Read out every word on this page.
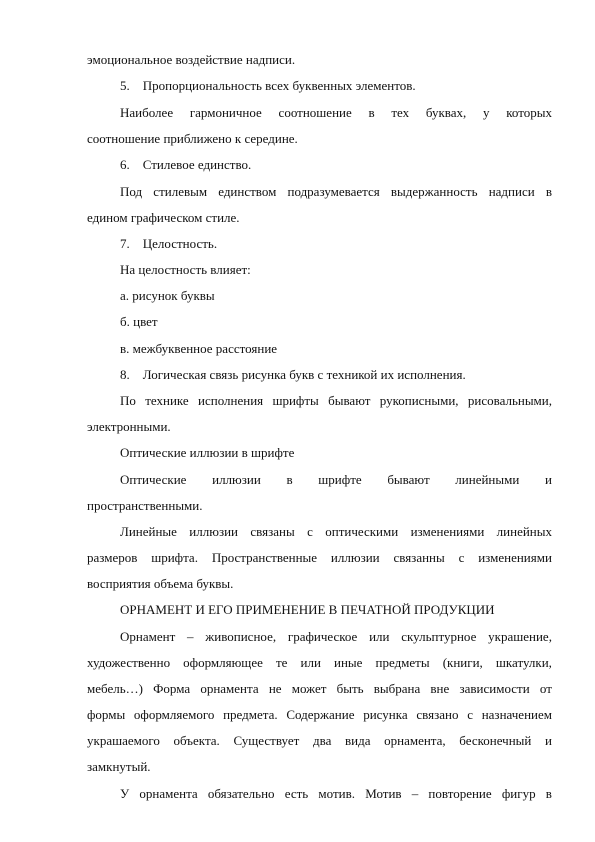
эмоциональное воздействие надписи.
5.  Пропорциональность всех буквенных элементов.
Наиболее гармоничное соотношение в тех буквах, у которых
соотношение приближено к середине.
6.  Стилевое единство.
Под стилевым единством подразумевается выдержанность надписи в
едином графическом стиле.
7.  Целостность.
На целостность влияет:
а. рисунок буквы
б. цвет
в. межбуквенное расстояние
8.  Логическая связь рисунка букв с техникой их исполнения.
По технике исполнения шрифты бывают рукописными, рисовальными,
электронными.
Оптические иллюзии в шрифте
Оптические иллюзии в шрифте бывают линейными и
пространственными.
Линейные иллюзии связаны с оптическими изменениями линейных
размеров шрифта. Пространственные иллюзии связанны с изменениями
восприятия объема буквы.
ОРНАМЕНТ И ЕГО ПРИМЕНЕНИЕ В ПЕЧАТНОЙ ПРОДУКЦИИ
Орнамент – живописное, графическое или скульптурное украшение,
художественно оформляющее те или иные предметы (книги, шкатулки,
мебель…) Форма орнамента не может быть выбрана вне зависимости от
формы оформляемого предмета. Содержание рисунка связано с назначением
украшаемого объекта. Существует два вида орнамента, бесконечный и
замкнутый.
У орнамента обязательно есть мотив. Мотив – повторение фигур в
